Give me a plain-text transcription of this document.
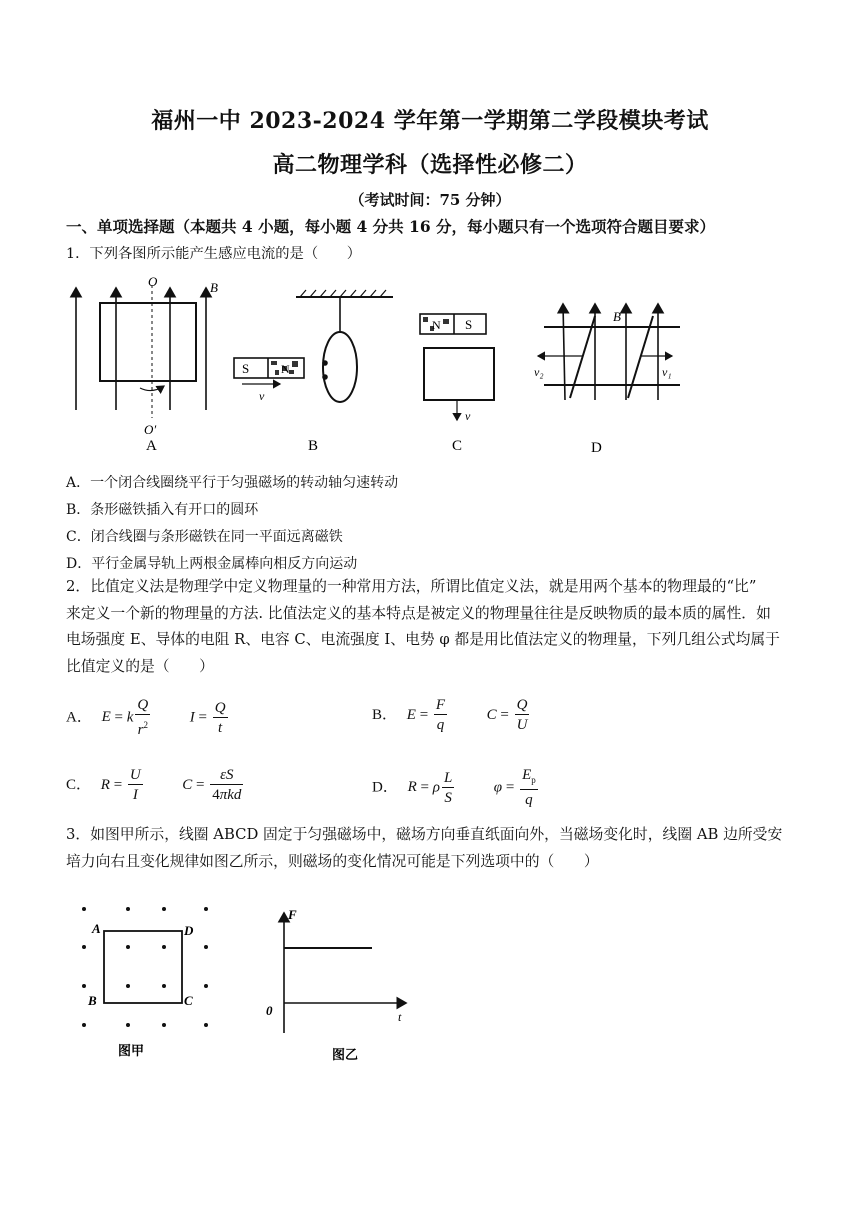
福州一中 2023-2024 学年第一学期第二学段模块考试
高二物理学科（选择性必修二）
（考试时间：75 分钟）
一、单项选择题（本题共 4 小题，每小题 4 分共 16 分，每小题只有一个选项符合题目要求）
1．下列各图所示能产生感应电流的是（　　）
O
O′
B
A
S	N
v
B
N S
v
C
B
v₂	v₁
D
A．一个闭合线圈绕平行于匀强磁场的转动轴匀速转动
B．条形磁铁插入有开口的圆环
C．闭合线圈与条形磁铁在同一平面远离磁铁
D．平行金属导轨上两根金属棒向相反方向运动
2．比值定义法是物理学中定义物理量的一种常用方法，所谓比值定义法，就是用两个基本的物理最的“比”
来定义一个新的物理量的方法. 比值法定义的基本特点是被定义的物理量往往是反映物质的最本质的属性．如
电场强度 E、导体的电阻 R、电容 C、电流强度 I、电势 φ 都是用比值法定义的物理量，下列几组公式均属于
比值定义的是（　　）
A． E = k $\frac{Q}{r^2}$	$I = \frac{Q}{t}$	B． $E = \frac{F}{q}$	$C = \frac{Q}{U}$
C． $R = \frac{U}{I}$	$C = \frac{\varepsilon S}{\text{4πkd}}$	D． R = ρ $\frac{L}{S}$	$\varphi = \frac{E_p}{q}$
3．如图甲所示，线圈 ABCD 固定于匀强磁场中，磁场方向垂直纸面向外，当磁场变化时，线圈 AB 边所受安
培力向右且变化规律如图乙所示，则磁场的变化情况可能是下列选项中的（　　）
A	D
B	C
图甲
F
t
0
图乙
